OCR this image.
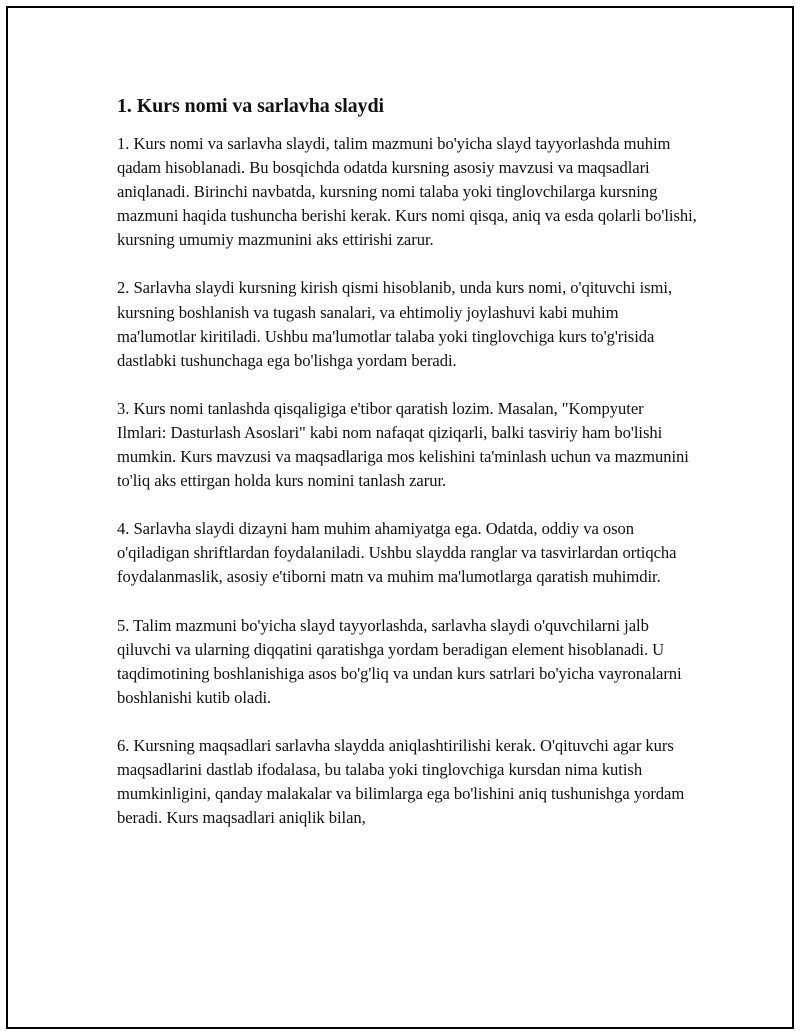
1. Kurs nomi va sarlavha slaydi

1. Kurs nomi va sarlavha slaydi, talim mazmuni bo'yicha slayd tayyorlashda muhim qadam hisoblanadi. Bu bosqichda odatda kursning asosiy mavzusi va maqsadlari aniqlanadi. Birinchi navbatda, kursning nomi talaba yoki tinglovchilarga kursning mazmuni haqida tushuncha berishi kerak. Kurs nomi qisqa, aniq va esda qolarli bo'lishi, kursning umumiy mazmunini aks ettirishi zarur.

2. Sarlavha slaydi kursning kirish qismi hisoblanib, unda kurs nomi, o'qituvchi ismi, kursning boshlanish va tugash sanalari, va ehtimoliy joylashuvi kabi muhim ma'lumotlar kiritiladi. Ushbu ma'lumotlar talaba yoki tinglovchiga kurs to'g'risida dastlabki tushunchaga ega bo'lishga yordam beradi.

3. Kurs nomi tanlashda qisqaligiga e'tibor qaratish lozim. Masalan, "Kompyuter Ilmlari: Dasturlash Asoslari" kabi nom nafaqat qiziqarli, balki tasviriy ham bo'lishi mumkin. Kurs mavzusi va maqsadlariga mos kelishini ta'minlash uchun va mazmunini to'liq aks ettirgan holda kurs nomini tanlash zarur.

4. Sarlavha slaydi dizayni ham muhim ahamiyatga ega. Odatda, oddiy va oson o'qiladigan shriftlardan foydalaniladi. Ushbu slaydda ranglar va tasvirlardan ortiqcha foydalanmaslik, asosiy e'tiborni matn va muhim ma'lumotlarga qaratish muhimdir.

5. Talim mazmuni bo'yicha slayd tayyorlashda, sarlavha slaydi o'quvchilarni jalb qiluvchi va ularning diqqatini qaratishga yordam beradigan element hisoblanadi. U taqdimotining boshlanishiga asos bo'g'liq va undan kurs satrlari bo'yicha vayronalarni boshlanishi kutib oladi.

6. Kursning maqsadlari sarlavha slaydda aniqlashtirilishi kerak. O'qituvchi agar kurs maqsadlarini dastlab ifodalasa, bu talaba yoki tinglovchiga kursdan nima kutish mumkinligini, qanday malakalar va bilimlarga ega bo'lishini aniq tushunishga yordam beradi. Kurs maqsadlari aniqlik bilan,
